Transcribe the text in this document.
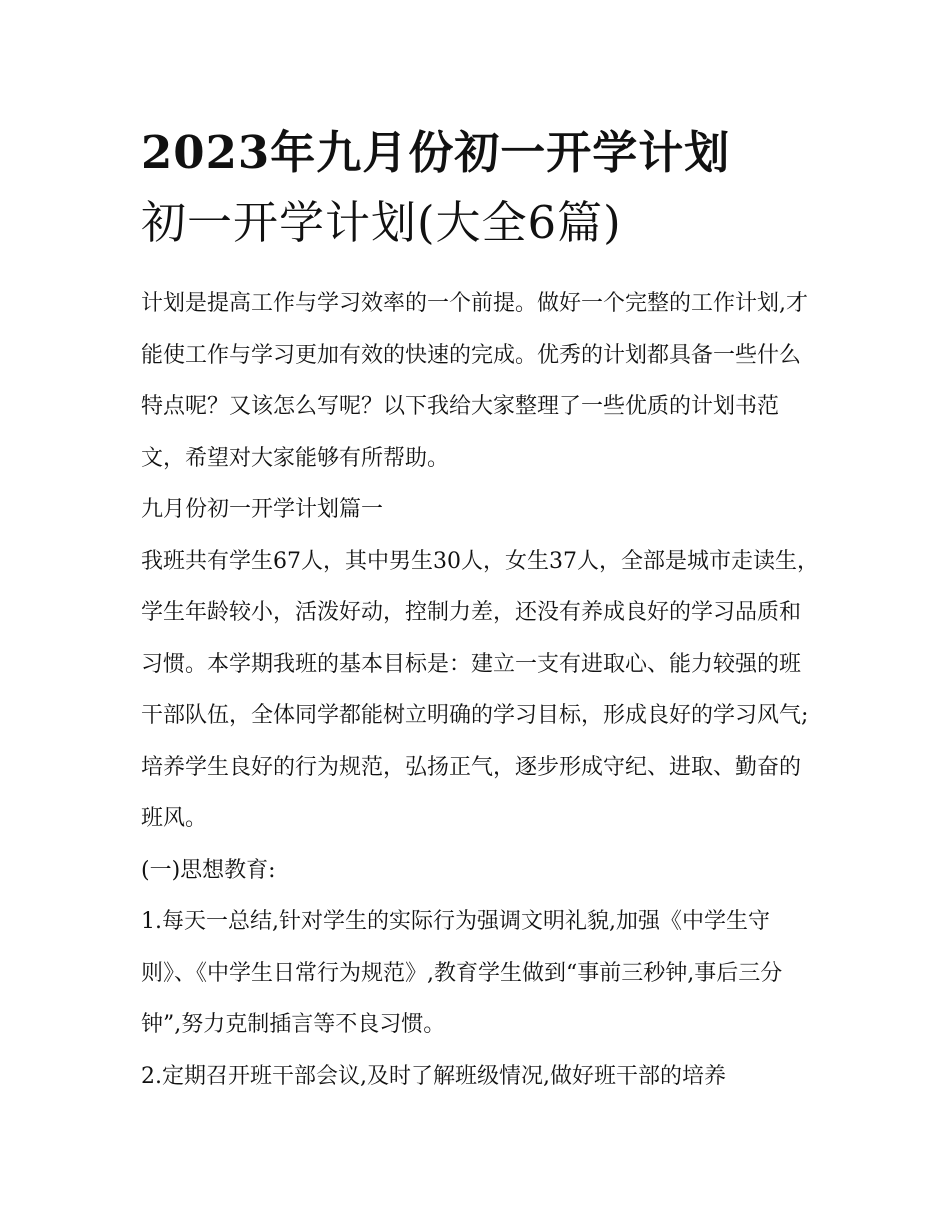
2023年九月份初一开学计划
初一开学计划(大全6篇)

计划是提高工作与学习效率的一个前提。做好一个完整的工作计划,才能使工作与学习更加有效的快速的完成。优秀的计划都具备一些什么特点呢？又该怎么写呢？以下我给大家整理了一些优质的计划书范文，希望对大家能够有所帮助。

九月份初一开学计划篇一

我班共有学生67人，其中男生30人，女生37人，全部是城市走读生，学生年龄较小，活泼好动，控制力差，还没有养成良好的学习品质和习惯。本学期我班的基本目标是：建立一支有进取心、能力较强的班干部队伍，全体同学都能树立明确的学习目标，形成良好的学习风气;培养学生良好的行为规范，弘扬正气，逐步形成守纪、进取、勤奋的班风。

(一)思想教育:

1.每天一总结,针对学生的实际行为强调文明礼貌,加强《中学生守则》、《中学生日常行为规范》,教育学生做到“事前三秒钟,事后三分钟”,努力克制插言等不良习惯。

2.定期召开班干部会议,及时了解班级情况,做好班干部的培养
